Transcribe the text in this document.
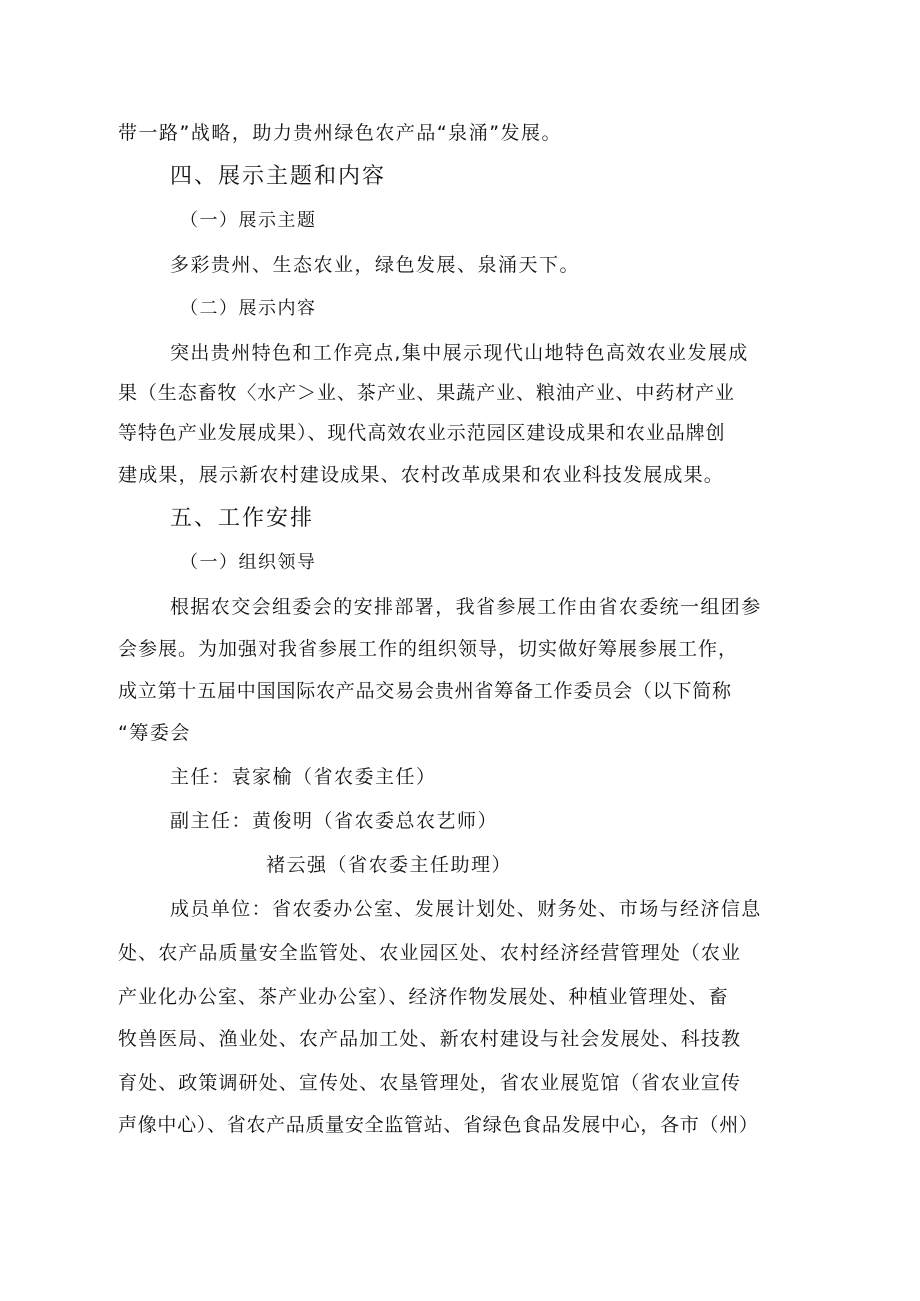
带一路”战略，助力贵州绿色农产品“泉涌”发展。
四、展示主题和内容
（一）展示主题
多彩贵州、生态农业，绿色发展、泉涌天下。
（二）展示内容
突出贵州特色和工作亮点,集中展示现代山地特色高效农业发展成
果（生态畜牧〈水产＞业、茶产业、果蔬产业、粮油产业、中药材产业
等特色产业发展成果）、现代高效农业示范园区建设成果和农业品牌创
建成果，展示新农村建设成果、农村改革成果和农业科技发展成果。
五、工作安排
（一）组织领导
根据农交会组委会的安排部署，我省参展工作由省农委统一组团参
会参展。为加强对我省参展工作的组织领导，切实做好筹展参展工作，
成立第十五届中国国际农产品交易会贵州省筹备工作委员会（以下简称
“筹委会
主任：袁家榆（省农委主任）
副主任：黄俊明（省农委总农艺师）
褚云强（省农委主任助理）
成员单位：省农委办公室、发展计划处、财务处、市场与经济信息
处、农产品质量安全监管处、农业园区处、农村经济经营管理处（农业
产业化办公室、茶产业办公室）、经济作物发展处、种植业管理处、畜
牧兽医局、渔业处、农产品加工处、新农村建设与社会发展处、科技教
育处、政策调研处、宣传处、农垦管理处，省农业展览馆（省农业宣传
声像中心）、省农产品质量安全监管站、省绿色食品发展中心，各市（州）
